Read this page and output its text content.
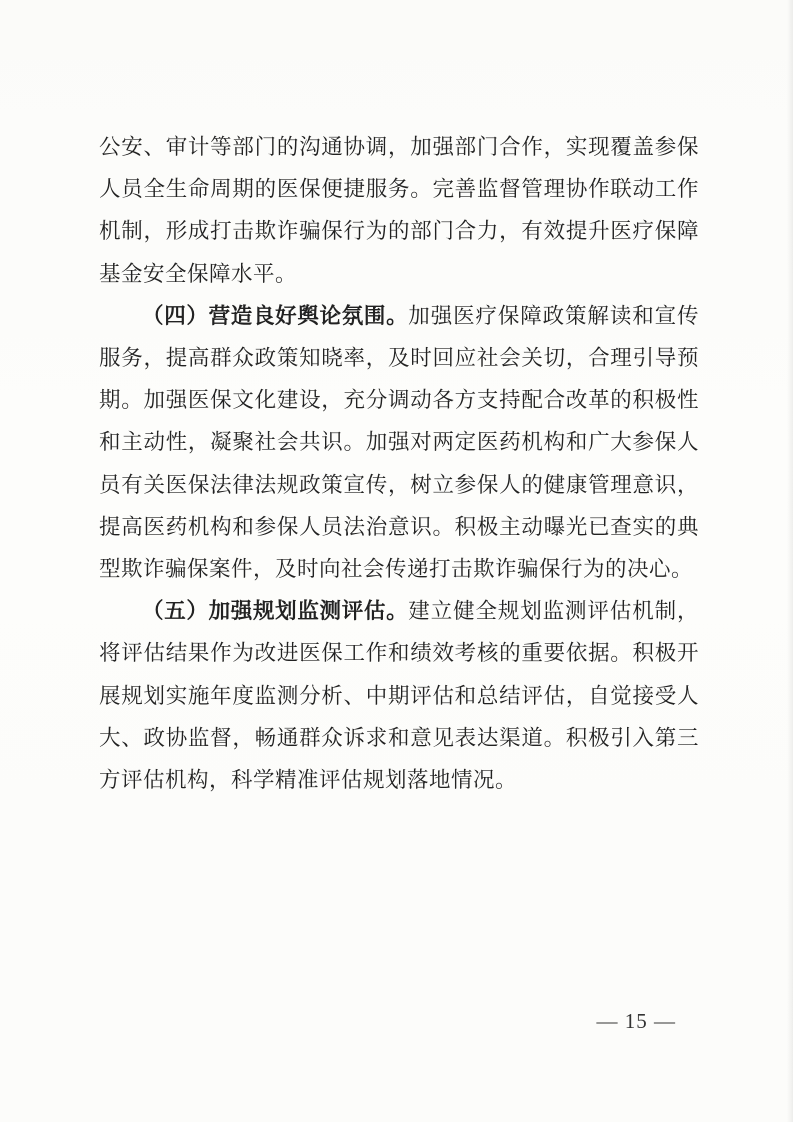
公安、审计等部门的沟通协调，加强部门合作，实现覆盖参保人员全生命周期的医保便捷服务。完善监督管理协作联动工作机制，形成打击欺诈骗保行为的部门合力，有效提升医疗保障基金安全保障水平。

（四）营造良好舆论氛围。加强医疗保障政策解读和宣传服务，提高群众政策知晓率，及时回应社会关切，合理引导预期。加强医保文化建设，充分调动各方支持配合改革的积极性和主动性，凝聚社会共识。加强对两定医药机构和广大参保人员有关医保法律法规政策宣传，树立参保人的健康管理意识，提高医药机构和参保人员法治意识。积极主动曝光已查实的典型欺诈骗保案件，及时向社会传递打击欺诈骗保行为的决心。

（五）加强规划监测评估。建立健全规划监测评估机制，将评估结果作为改进医保工作和绩效考核的重要依据。积极开展规划实施年度监测分析、中期评估和总结评估，自觉接受人大、政协监督，畅通群众诉求和意见表达渠道。积极引入第三方评估机构，科学精准评估规划落地情况。

— 15 —
